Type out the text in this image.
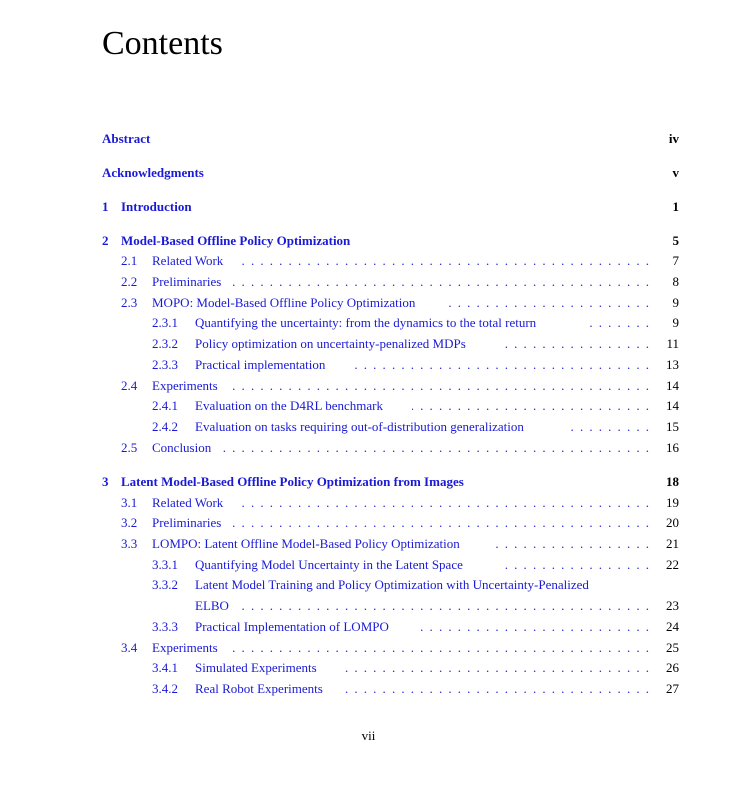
Contents
Abstract	iv
Acknowledgments	v
1 Introduction	1
2 Model-Based Offline Policy Optimization	5
2.1 Related Work . . .	7
2.2 Preliminaries . . .	8
2.3 MOPO: Model-Based Offline Policy Optimization . . .	9
2.3.1 Quantifying the uncertainty: from the dynamics to the total return . . .	9
2.3.2 Policy optimization on uncertainty-penalized MDPs . . .	11
2.3.3 Practical implementation . . .	13
2.4 Experiments . . .	14
2.4.1 Evaluation on the D4RL benchmark . . .	14
2.4.2 Evaluation on tasks requiring out-of-distribution generalization . . .	15
2.5 Conclusion . . .	16
3 Latent Model-Based Offline Policy Optimization from Images	18
3.1 Related Work . . .	19
3.2 Preliminaries . . .	20
3.3 LOMPO: Latent Offline Model-Based Policy Optimization . . .	21
3.3.1 Quantifying Model Uncertainty in the Latent Space . . .	22
3.3.2 Latent Model Training and Policy Optimization with Uncertainty-Penalized
ELBO . . .	23
3.3.3 Practical Implementation of LOMPO . . .	24
3.4 Experiments . . .	25
3.4.1 Simulated Experiments . . .	26
3.4.2 Real Robot Experiments . . .	27
vii
